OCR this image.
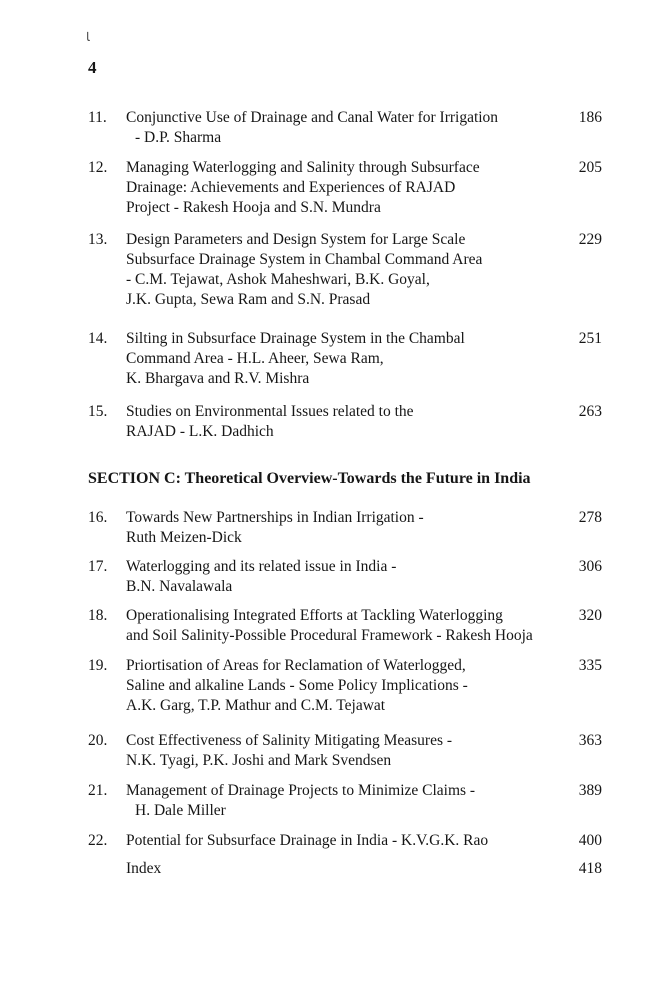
ﺎ
4
11. Conjunctive Use of Drainage and Canal Water for Irrigation
- D.P. Sharma
186
12. Managing Waterlogging and Salinity through Subsurface
Drainage: Achievements and Experiences of RAJAD
Project - Rakesh Hooja and S.N. Mundra
205
13. Design Parameters and Design System for Large Scale
Subsurface Drainage System in Chambal Command Area
- C.M. Tejawat, Ashok Maheshwari, B.K. Goyal,
J.K. Gupta, Sewa Ram and S.N. Prasad
229
14. Silting in Subsurface Drainage System in the Chambal
Command Area - H.L. Aheer, Sewa Ram,
K. Bhargava and R.V. Mishra
251
15. Studies on Environmental Issues related to the
RAJAD - L.K. Dadhich
263
SECTION C: Theoretical Overview-Towards the Future in India
16. Towards New Partnerships in Indian Irrigation -
Ruth Meizen-Dick
278
17. Waterlogging and its related issue in India -
B.N. Navalawala
306
18. Operationalising Integrated Efforts at Tackling Waterlogging
and Soil Salinity-Possible Procedural Framework - Rakesh Hooja
320
19. Priortisation of Areas for Reclamation of Waterlogged,
Saline and alkaline Lands - Some Policy Implications -
A.K. Garg, T.P. Mathur and C.M. Tejawat
335
20. Cost Effectiveness of Salinity Mitigating Measures -
N.K. Tyagi, P.K. Joshi and Mark Svendsen
363
21. Management of Drainage Projects to Minimize Claims -
H. Dale Miller
389
22. Potential for Subsurface Drainage in India - K.V.G.K. Rao	400
Index	418
